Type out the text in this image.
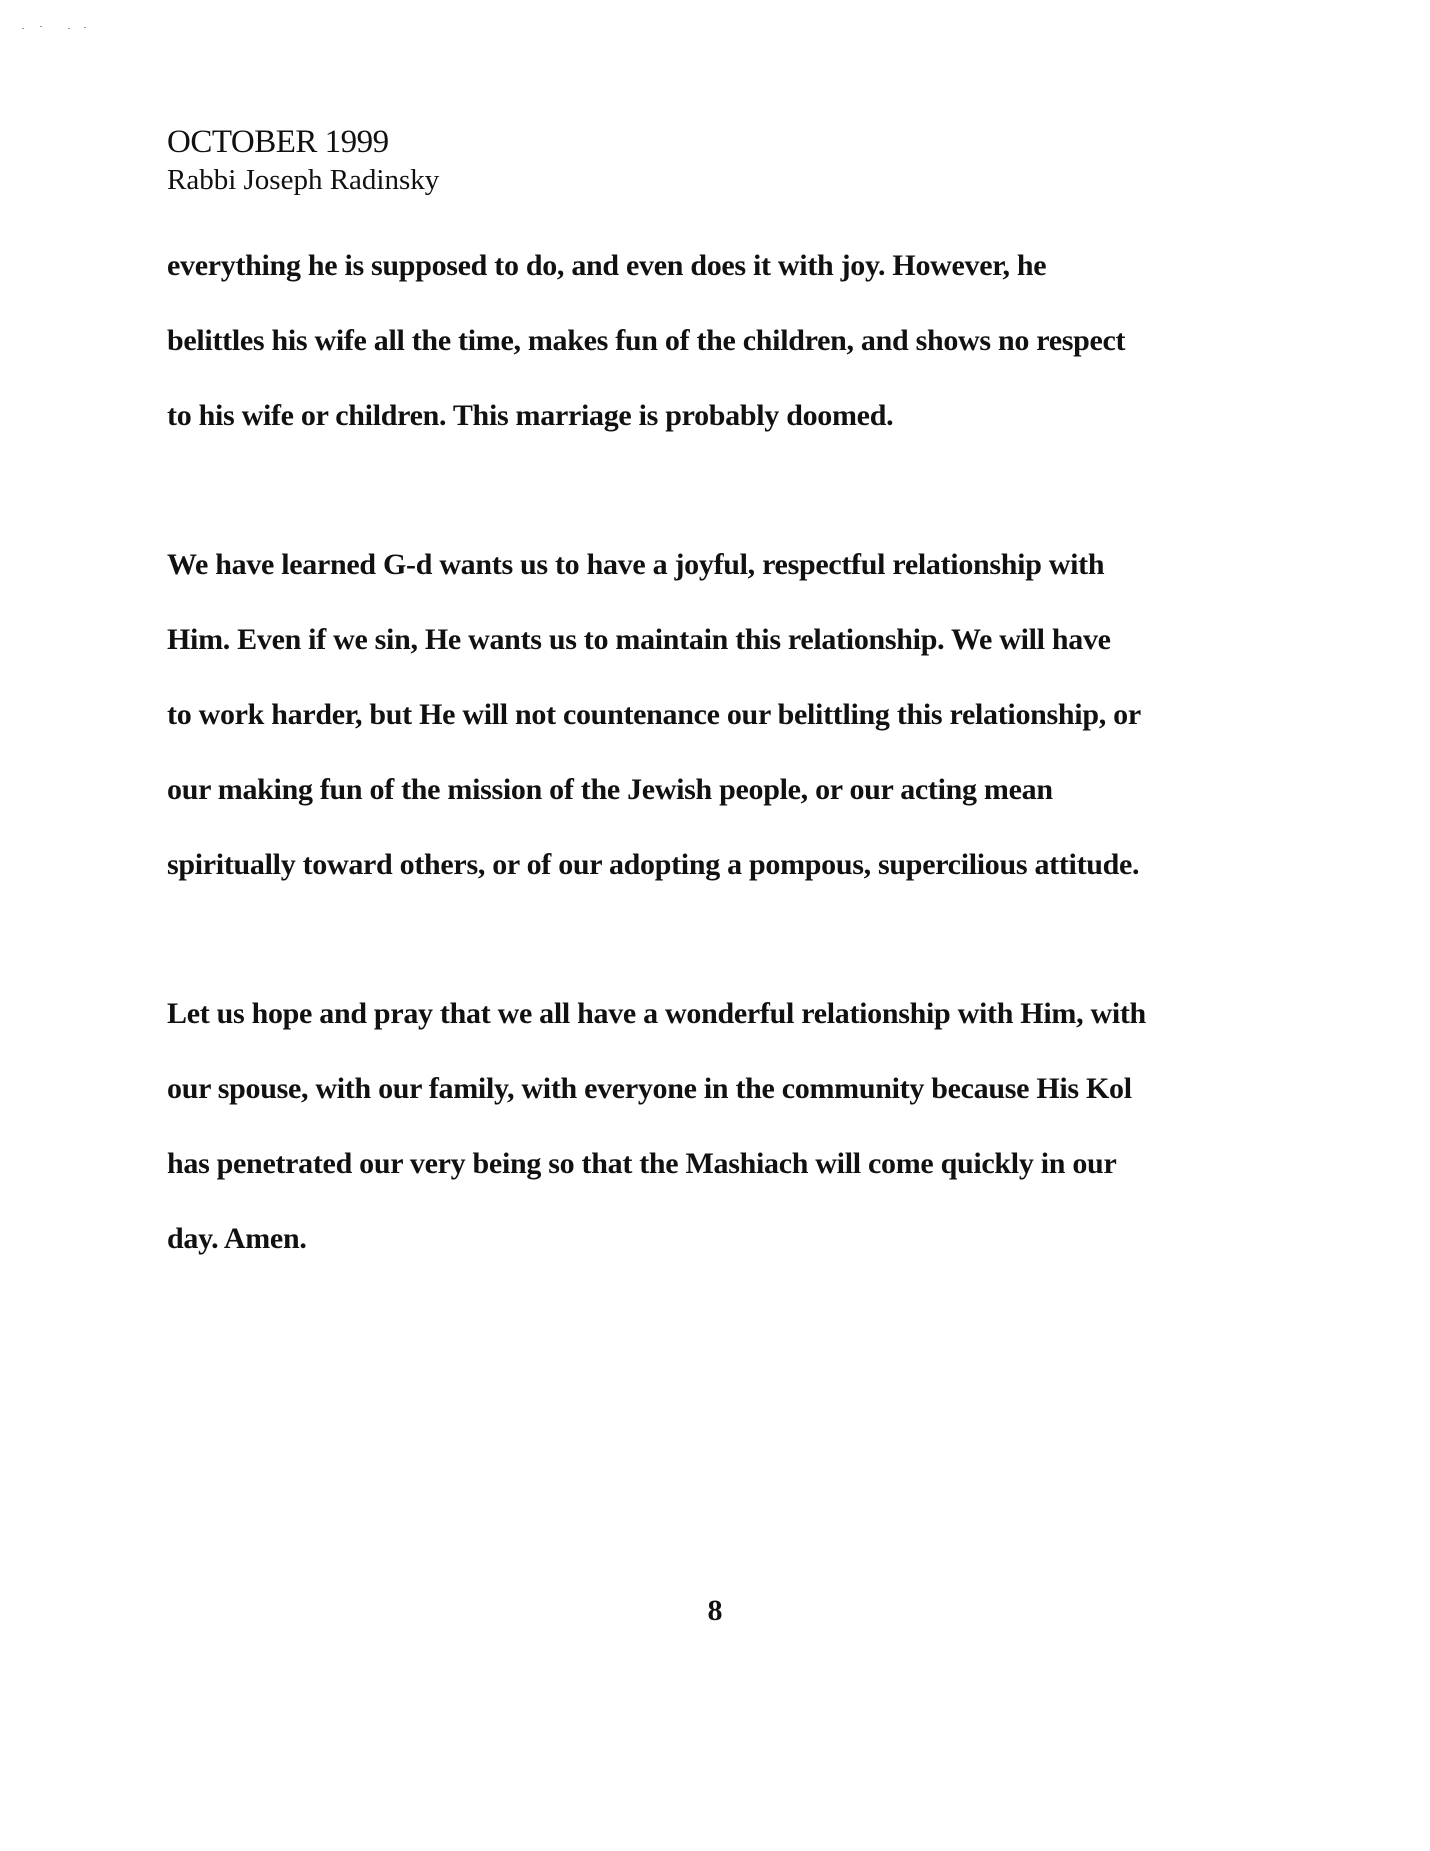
OCTOBER 1999
Rabbi Joseph Radinsky

everything he is supposed to do, and even does it with joy. However, he
belittles his wife all the time, makes fun of the children, and shows no respect
to his wife or children. This marriage is probably doomed.

We have learned G-d wants us to have a joyful, respectful relationship with
Him. Even if we sin, He wants us to maintain this relationship. We will have
to work harder, but He will not countenance our belittling this relationship, or
our making fun of the mission of the Jewish people, or our acting mean
spiritually toward others, or of our adopting a pompous, supercilious attitude.

Let us hope and pray that we all have a wonderful relationship with Him, with
our spouse, with our family, with everyone in the community because His Kol
has penetrated our very being so that the Mashiach will come quickly in our
day. Amen.

8
